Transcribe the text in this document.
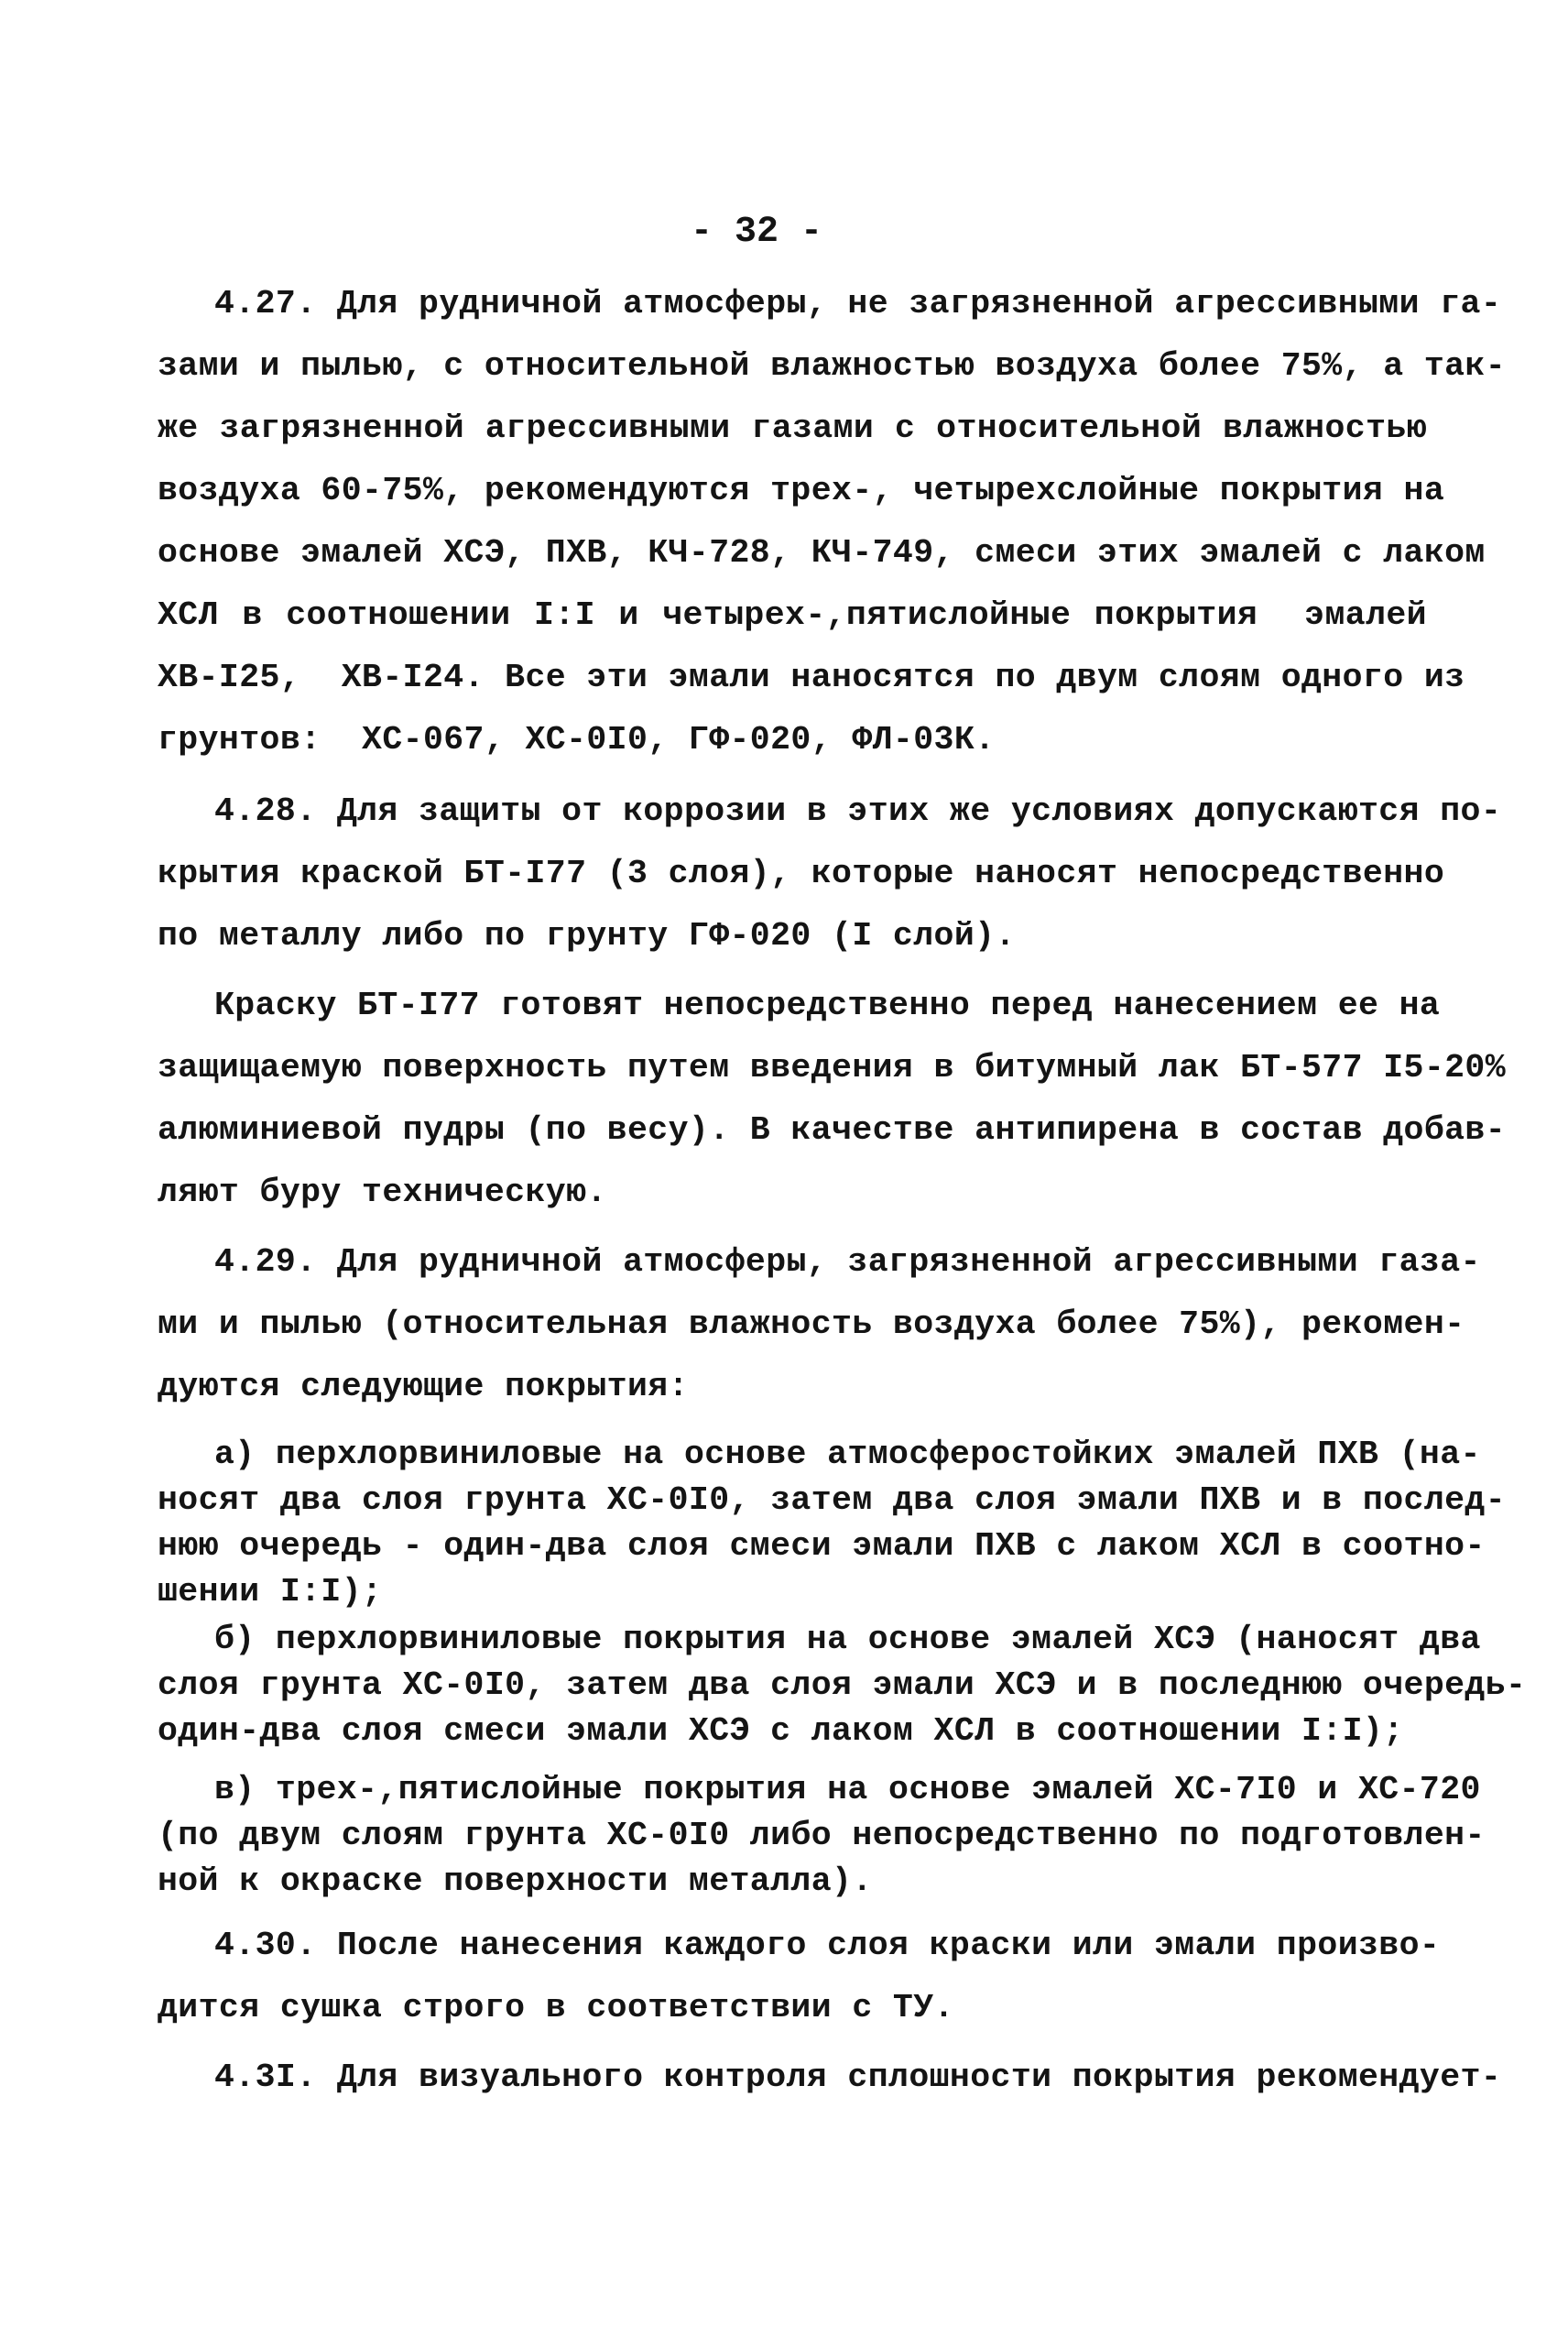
- 32 -
4.27. Для рудничной атмосферы, не загрязненной агрессивными га-
зами и пылью, с относительной влажностью воздуха более 75%, а так-
же загрязненной агрессивными газами с относительной влажностью
воздуха 60-75%, рекомендуются трех-, четырехслойные покрытия на
основе эмалей ХСЭ, ПХВ, КЧ-728, КЧ-749, смеси этих эмалей с лаком
ХСЛ в соотношении I:I и четырех-,пятислойные покрытия  эмалей
ХВ-I25,  ХВ-I24. Все эти эмали наносятся по двум слоям одного из
грунтов:  ХС-067, ХС-0I0, ГФ-020, ФЛ-03К.
4.28. Для защиты от коррозии в этих же условиях допускаются по-
крытия краской БТ-I77 (3 слоя), которые наносят непосредственно
по металлу либо по грунту ГФ-020 (I слой).
Краску БТ-I77 готовят непосредственно перед нанесением ее на
защищаемую поверхность путем введения в битумный лак БТ-577 I5-20%
алюминиевой пудры (по весу). В качестве антипирена в состав добав-
ляют буру техническую.
4.29. Для рудничной атмосферы, загрязненной агрессивными газа-
ми и пылью (относительная влажность воздуха более 75%), рекомен-
дуются следующие покрытия:
а) перхлорвиниловые на основе атмосферостойких эмалей ПХВ (на-
носят два слоя грунта ХС-0I0, затем два слоя эмали ПХВ и в послед-
нюю очередь - один-два слоя смеси эмали ПХВ с лаком ХСЛ в соотно-
шении I:I);
б) перхлорвиниловые покрытия на основе эмалей ХСЭ (наносят два
слоя грунта ХС-0I0, затем два слоя эмали ХСЭ и в последнюю очередь-
один-два слоя смеси эмали ХСЭ с лаком ХСЛ в соотношении I:I);
в) трех-,пятислойные покрытия на основе эмалей ХС-7I0 и ХС-720
(по двум слоям грунта ХС-0I0 либо непосредственно по подготовлен-
ной к окраске поверхности металла).
4.30. После нанесения каждого слоя краски или эмали произво-
дится сушка строго в соответствии с ТУ.
4.3I. Для визуального контроля сплошности покрытия рекомендует-
